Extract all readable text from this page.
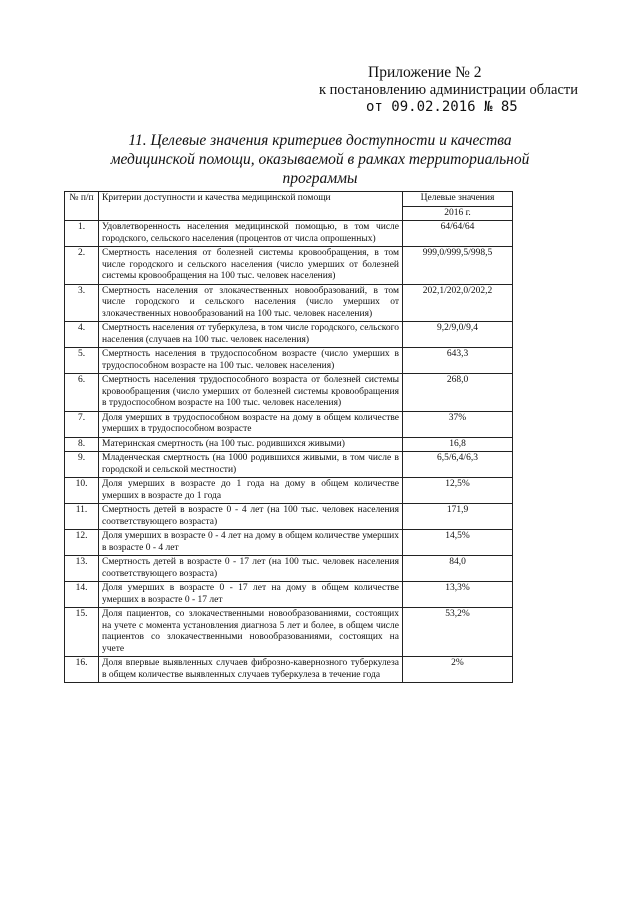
Приложение № 2
к постановлению администрации области
от 09.02.2016 № 85
11. Целевые значения критериев доступности и качества медицинской помощи, оказываемой в рамках территориальной программы
№ п/п	Критерии доступности и качества медицинской помощи	Целевые значения
		2016 г.
1.	Удовлетворенность населения медицинской помощью, в том числе городского, сельского населения (процентов от числа опрошенных)	64/64/64
2.	Смертность населения от болезней системы кровообращения, в том числе городского и сельского населения (число умерших от болезней системы кровообращения на 100 тыс. человек населения)	999,0/999,5/998,5
3.	Смертность населения от злокачественных новообразований, в том числе городского и сельского населения (число умерших от злокачественных новообразований на 100 тыс. человек населения)	202,1/202,0/202,2
4.	Смертность населения от туберкулеза, в том числе городского, сельского населения (случаев на 100 тыс. человек населения)	9,2/9,0/9,4
5.	Смертность населения в трудоспособном возрасте (число умерших в трудоспособном возрасте на 100 тыс. человек населения)	643,3
6.	Смертность населения трудоспособного возраста от болезней системы кровообращения (число умерших от болезней системы кровообращения в трудоспособном возрасте на 100 тыс. человек населения)	268,0
7.	Доля умерших в трудоспособном возрасте на дому в общем количестве умерших в трудоспособном возрасте	37%
8.	Материнская смертность (на 100 тыс. родившихся живыми)	16,8
9.	Младенческая смертность (на 1000 родившихся живыми, в том числе в городской и сельской местности)	6,5/6,4/6,3
10.	Доля умерших в возрасте до 1 года на дому в общем количестве умерших в возрасте до 1 года	12,5%
11.	Смертность детей в возрасте 0 - 4 лет (на 100 тыс. человек населения соответствующего возраста)	171,9
12.	Доля умерших в возрасте 0 - 4 лет на дому в общем количестве умерших в возрасте 0 - 4 лет	14,5%
13.	Смертность детей в возрасте 0 - 17 лет (на 100 тыс. человек населения соответствующего возраста)	84,0
14.	Доля умерших в возрасте 0 - 17 лет на дому в общем количестве умерших в возрасте 0 - 17 лет	13,3%
15.	Доля пациентов, со злокачественными новообразованиями, состоящих на учете с момента установления диагноза 5 лет и более, в общем числе пациентов со злокачественными новообразованиями, состоящих на учете	53,2%
16.	Доля впервые выявленных случаев фиброзно-кавернозного туберкулеза в общем количестве выявленных случаев туберкулеза в течение года	2%
